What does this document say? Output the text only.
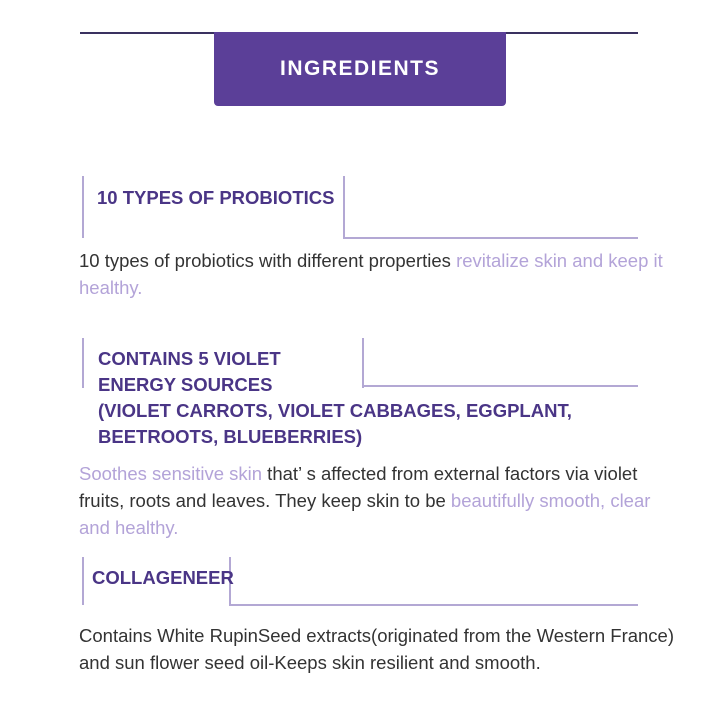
INGREDIENTS
10 TYPES OF PROBIOTICS

10 types of probiotics with different properties revitalize skin and keep it healthy.

CONTAINS 5 VIOLET
ENERGY SOURCES
(VIOLET CARROTS, VIOLET CABBAGES, EGGPLANT,
BEETROOTS, BLUEBERRIES)

Soothes sensitive skin that’ s affected from external factors via violet fruits, roots and leaves. They keep skin to be beautifully smooth, clear and healthy.

COLLAGENEER

Contains White RupinSeed extracts(originated from the Western France) and sun flower seed oil-Keeps skin resilient and smooth.
